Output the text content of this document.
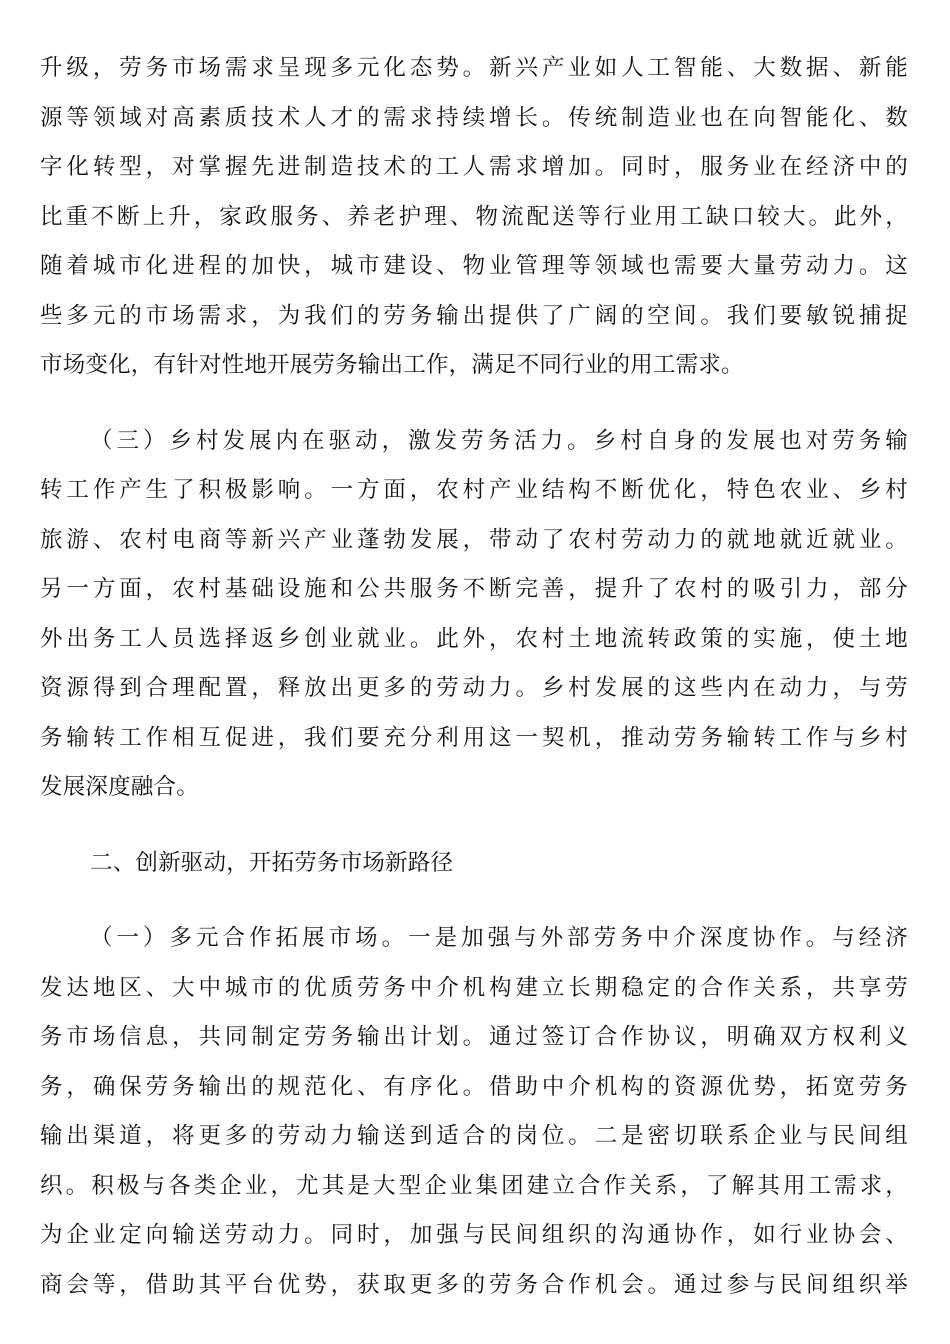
升级，劳务市场需求呈现多元化态势。新兴产业如人工智能、大数据、新能
源等领域对高素质技术人才的需求持续增长。传统制造业也在向智能化、数
字化转型，对掌握先进制造技术的工人需求增加。同时，服务业在经济中的
比重不断上升，家政服务、养老护理、物流配送等行业用工缺口较大。此外，
随着城市化进程的加快，城市建设、物业管理等领域也需要大量劳动力。这
些多元的市场需求，为我们的劳务输出提供了广阔的空间。我们要敏锐捕捉
市场变化，有针对性地开展劳务输出工作，满足不同行业的用工需求。
（三）乡村发展内在驱动，激发劳务活力。乡村自身的发展也对劳务输
转工作产生了积极影响。一方面，农村产业结构不断优化，特色农业、乡村
旅游、农村电商等新兴产业蓬勃发展，带动了农村劳动力的就地就近就业。
另一方面，农村基础设施和公共服务不断完善，提升了农村的吸引力，部分
外出务工人员选择返乡创业就业。此外，农村土地流转政策的实施，使土地
资源得到合理配置，释放出更多的劳动力。乡村发展的这些内在动力，与劳
务输转工作相互促进，我们要充分利用这一契机，推动劳务输转工作与乡村
发展深度融合。
二、创新驱动，开拓劳务市场新路径
（一）多元合作拓展市场。一是加强与外部劳务中介深度协作。与经济
发达地区、大中城市的优质劳务中介机构建立长期稳定的合作关系，共享劳
务市场信息，共同制定劳务输出计划。通过签订合作协议，明确双方权利义
务，确保劳务输出的规范化、有序化。借助中介机构的资源优势，拓宽劳务
输出渠道，将更多的劳动力输送到适合的岗位。二是密切联系企业与民间组
织。积极与各类企业，尤其是大型企业集团建立合作关系，了解其用工需求，
为企业定向输送劳动力。同时，加强与民间组织的沟通协作，如行业协会、
商会等，借助其平台优势，获取更多的劳务合作机会。通过参与民间组织举
